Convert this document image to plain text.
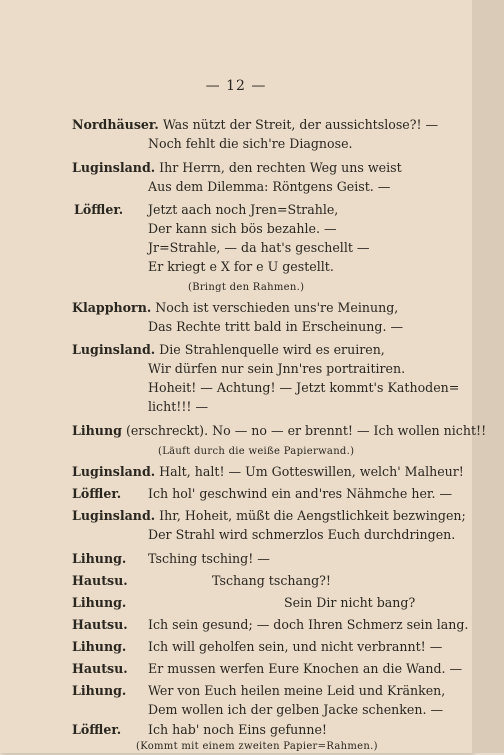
— 12 —
Nordhäuser. Was nützt der Streit, der aussichtslose?! —
Noch fehlt die sich're Diagnose.
Luginsland. Ihr Herrn, den rechten Weg uns weist
Aus dem Dilemma: Röntgens Geist. —
Löffler. Jetzt aach noch Jren=Strahle,
Der kann sich bös bezahle. —
Jr=Strahle, — da hat's geschellt —
Er kriegt e X for e U gestellt.
(Bringt den Rahmen.)
Klapphorn. Noch ist verschieden uns're Meinung,
Das Rechte tritt bald in Erscheinung. —
Luginsland. Die Strahlenquelle wird es eruiren,
Wir dürfen nur sein Jnn'res portraitiren.
Hoheit! — Achtung! — Jetzt kommt's Kathoden=
licht!!! —
Lihung (erschreckt). No — no — er brennt! — Ich wollen nicht!!
(Läuft durch die weiße Papierwand.)
Luginsland. Halt, halt! — Um Gotteswillen, welch' Malheur!
Löffler. Ich hol' geschwind ein and'res Nähmche her. —
Luginsland. Ihr, Hoheit, müßt die Aengstlichkeit bezwingen;
Der Strahl wird schmerzlos Euch durchdringen.
Lihung. Tsching tsching! —
Hautsu.	Tschang tschang?!
Lihung.	Sein Dir nicht bang?
Hautsu. Ich sein gesund; — doch Ihren Schmerz sein lang.
Lihung. Ich will geholfen sein, und nicht verbrannt! —
Hautsu. Er mussen werfen Eure Knochen an die Wand. —
Lihung. Wer von Euch heilen meine Leid und Kränken,
Dem wollen ich der gelben Jacke schenken. —
Löffler. Ich hab' noch Eins gefunne!
(Kommt mit einem zweiten Papier=Rahmen.)
